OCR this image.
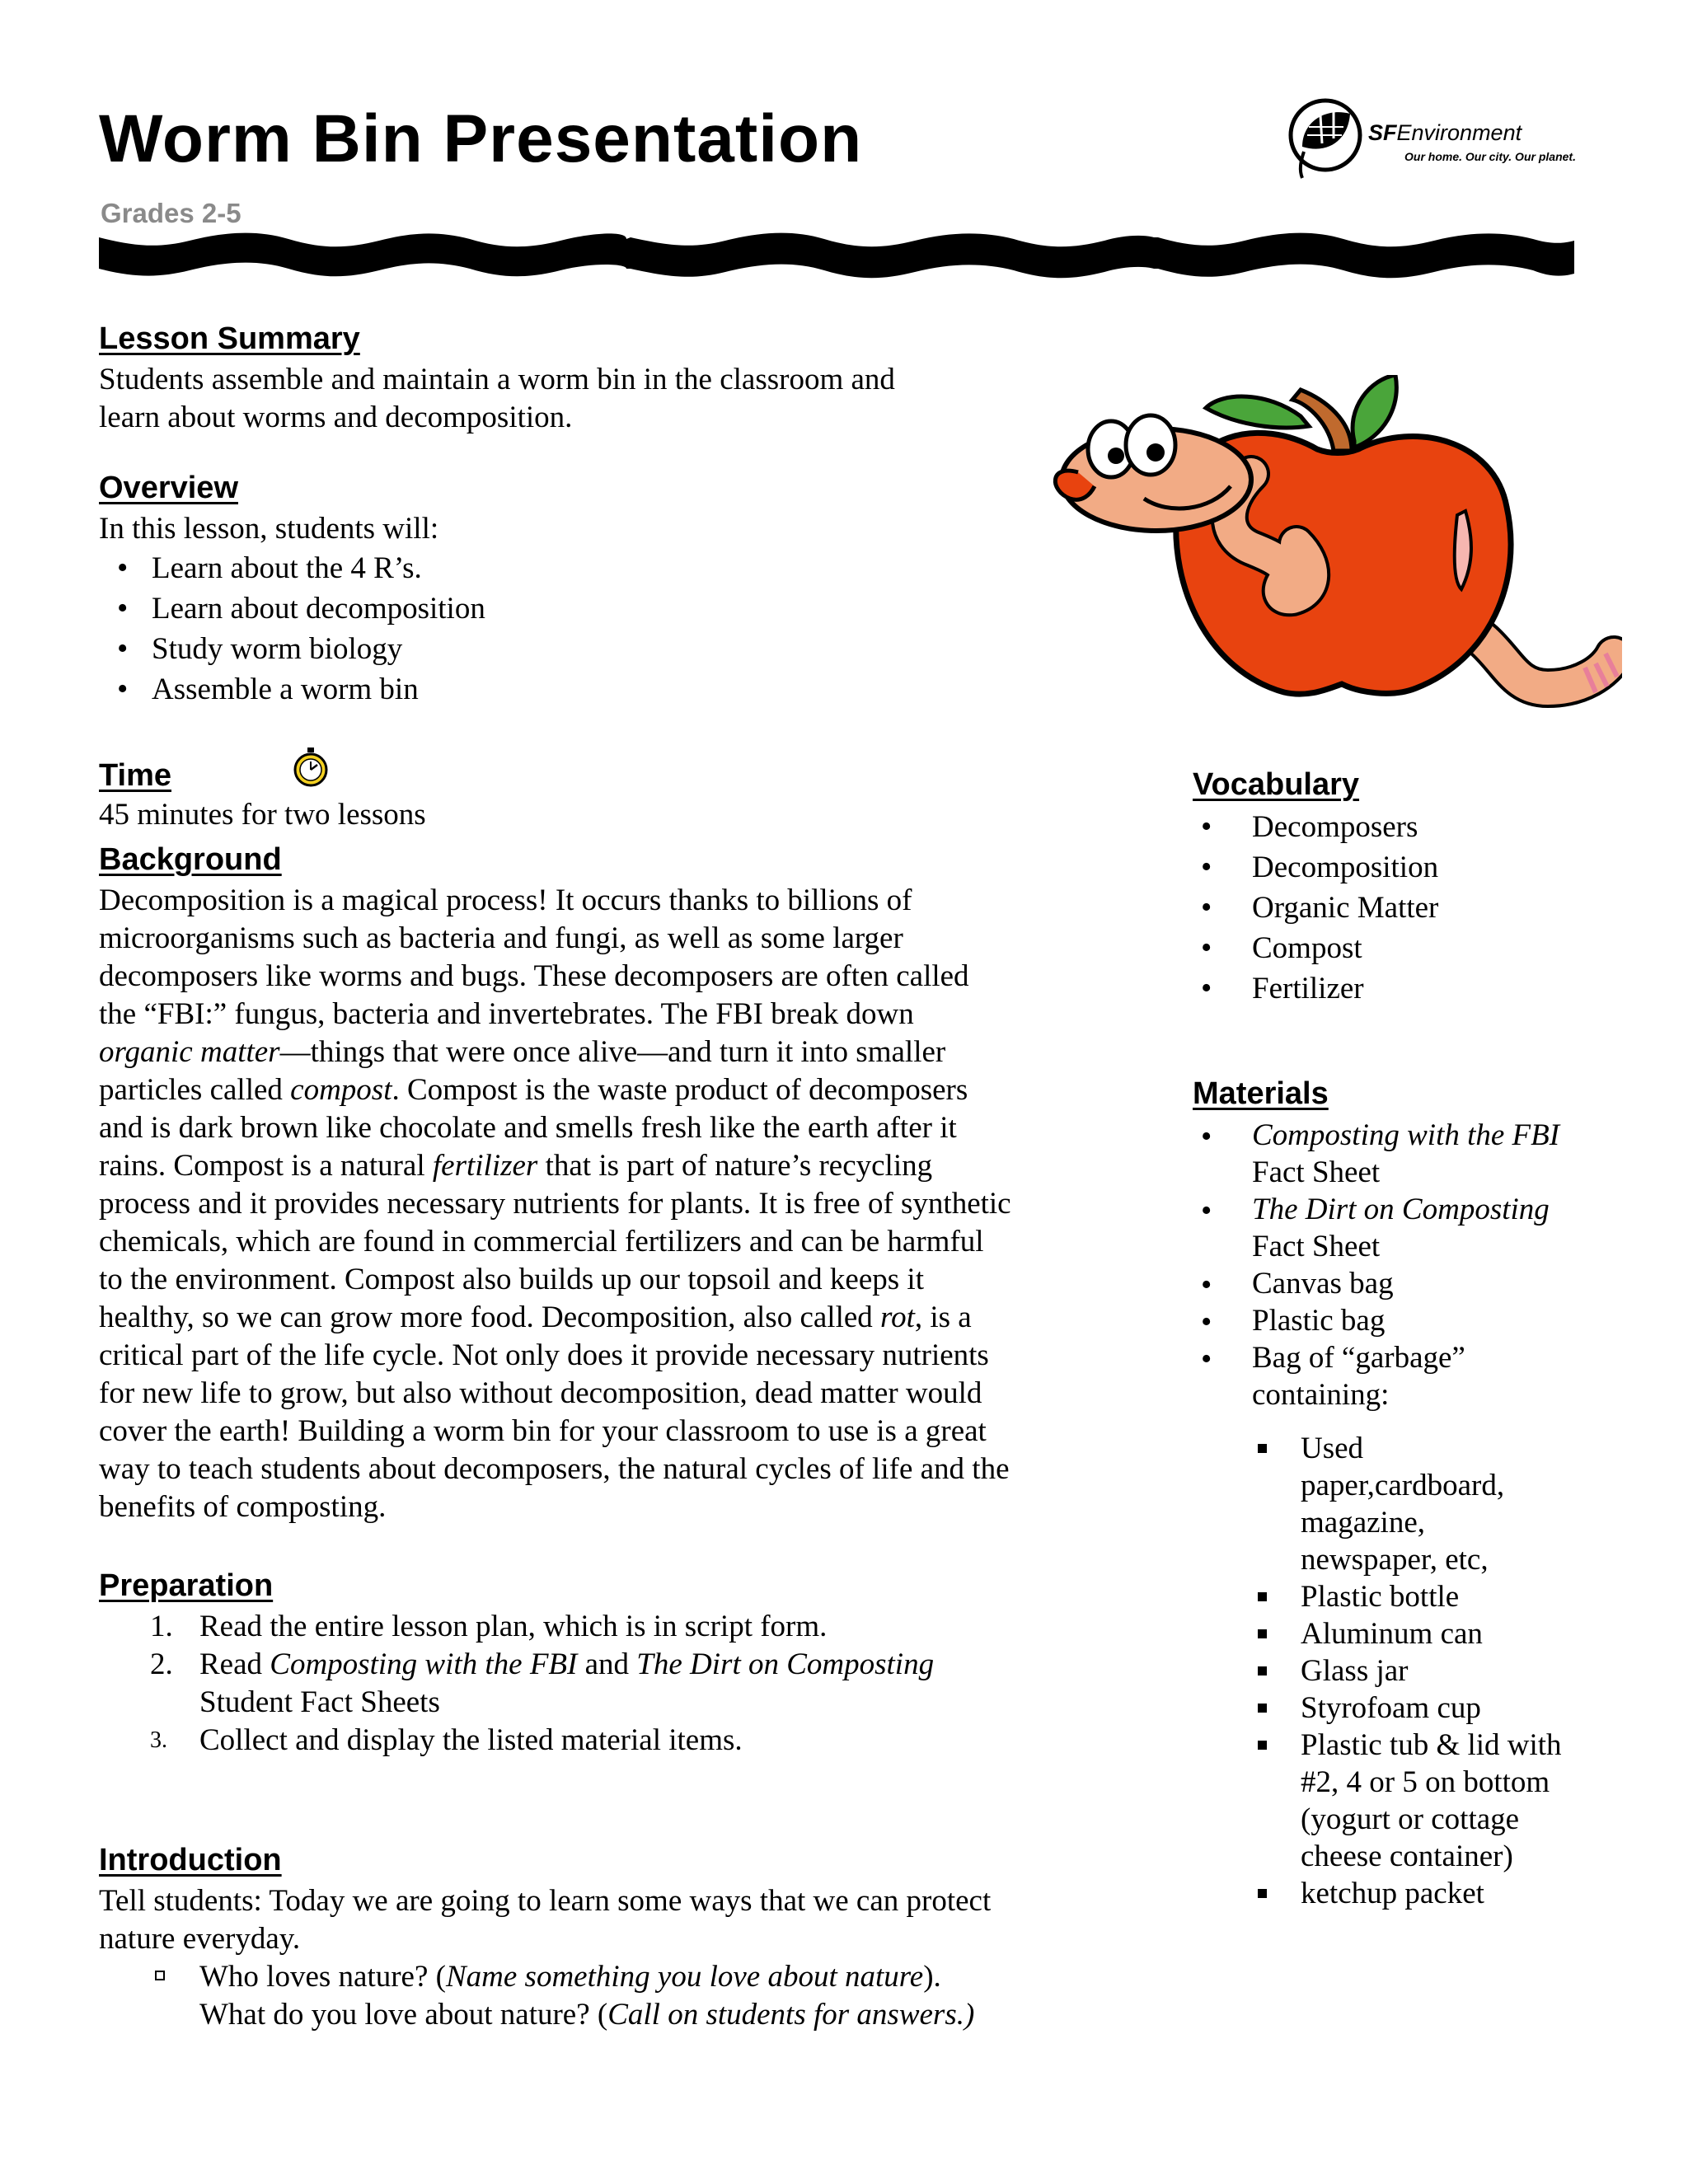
Worm Bin Presentation
Grades 2-5
SFEnvironment
Our home. Our city. Our planet.
Lesson Summary

Students assemble and maintain a worm bin in the classroom and
learn about worms and decomposition.

Overview

In this lesson, students will:

• Learn about the 4 R’s.
• Learn about decomposition
• Study worm biology
• Assemble a worm bin
Time

45 minutes for two lessons

Background
Decomposition is a magical process! It occurs thanks to billions of
microorganisms such as bacteria and fungi, as well as some larger
decomposers like worms and bugs. These decomposers are often called
the “FBI:” fungus, bacteria and invertebrates. The FBI break down
organic matter—things that were once alive—and turn it into smaller
particles called compost. Compost is the waste product of decomposers
and is dark brown like chocolate and smells fresh like the earth after it
rains. Compost is a natural fertilizer that is part of nature’s recycling
process and it provides necessary nutrients for plants. It is free of synthetic
chemicals, which are found in commercial fertilizers and can be harmful
to the environment. Compost also builds up our topsoil and keeps it
healthy, so we can grow more food. Decomposition, also called rot, is a
critical part of the life cycle. Not only does it provide necessary nutrients
for new life to grow, but also without decomposition, dead matter would
cover the earth! Building a worm bin for your classroom to use is a great
way to teach students about decomposers, the natural cycles of life and the
benefits of composting.
Preparation
1. Read the entire lesson plan, which is in script form.
2. Read Composting with the FBI and The Dirt on Composting
Student Fact Sheets
3. Collect and display the listed material items.
Introduction

Tell students: Today we are going to learn some ways that we can protect
nature everyday.

Who loves nature? (Name something you love about nature).
What do you love about nature? (Call on students for answers.)
Vocabulary
• Decomposers
• Decomposition
• Organic Matter
• Compost
• Fertilizer
Materials
• Composting with the FBI
Fact Sheet
• The Dirt on Composting
Fact Sheet
• Canvas bag
• Plastic bag
• Bag of “garbage”
containing:
Used
paper,cardboard,
magazine,
newspaper, etc,
Plastic bottle
Aluminum can
Glass jar
Styrofoam cup
Plastic tub & lid with
#2, 4 or 5 on bottom
(yogurt or cottage
cheese container)
ketchup packet
